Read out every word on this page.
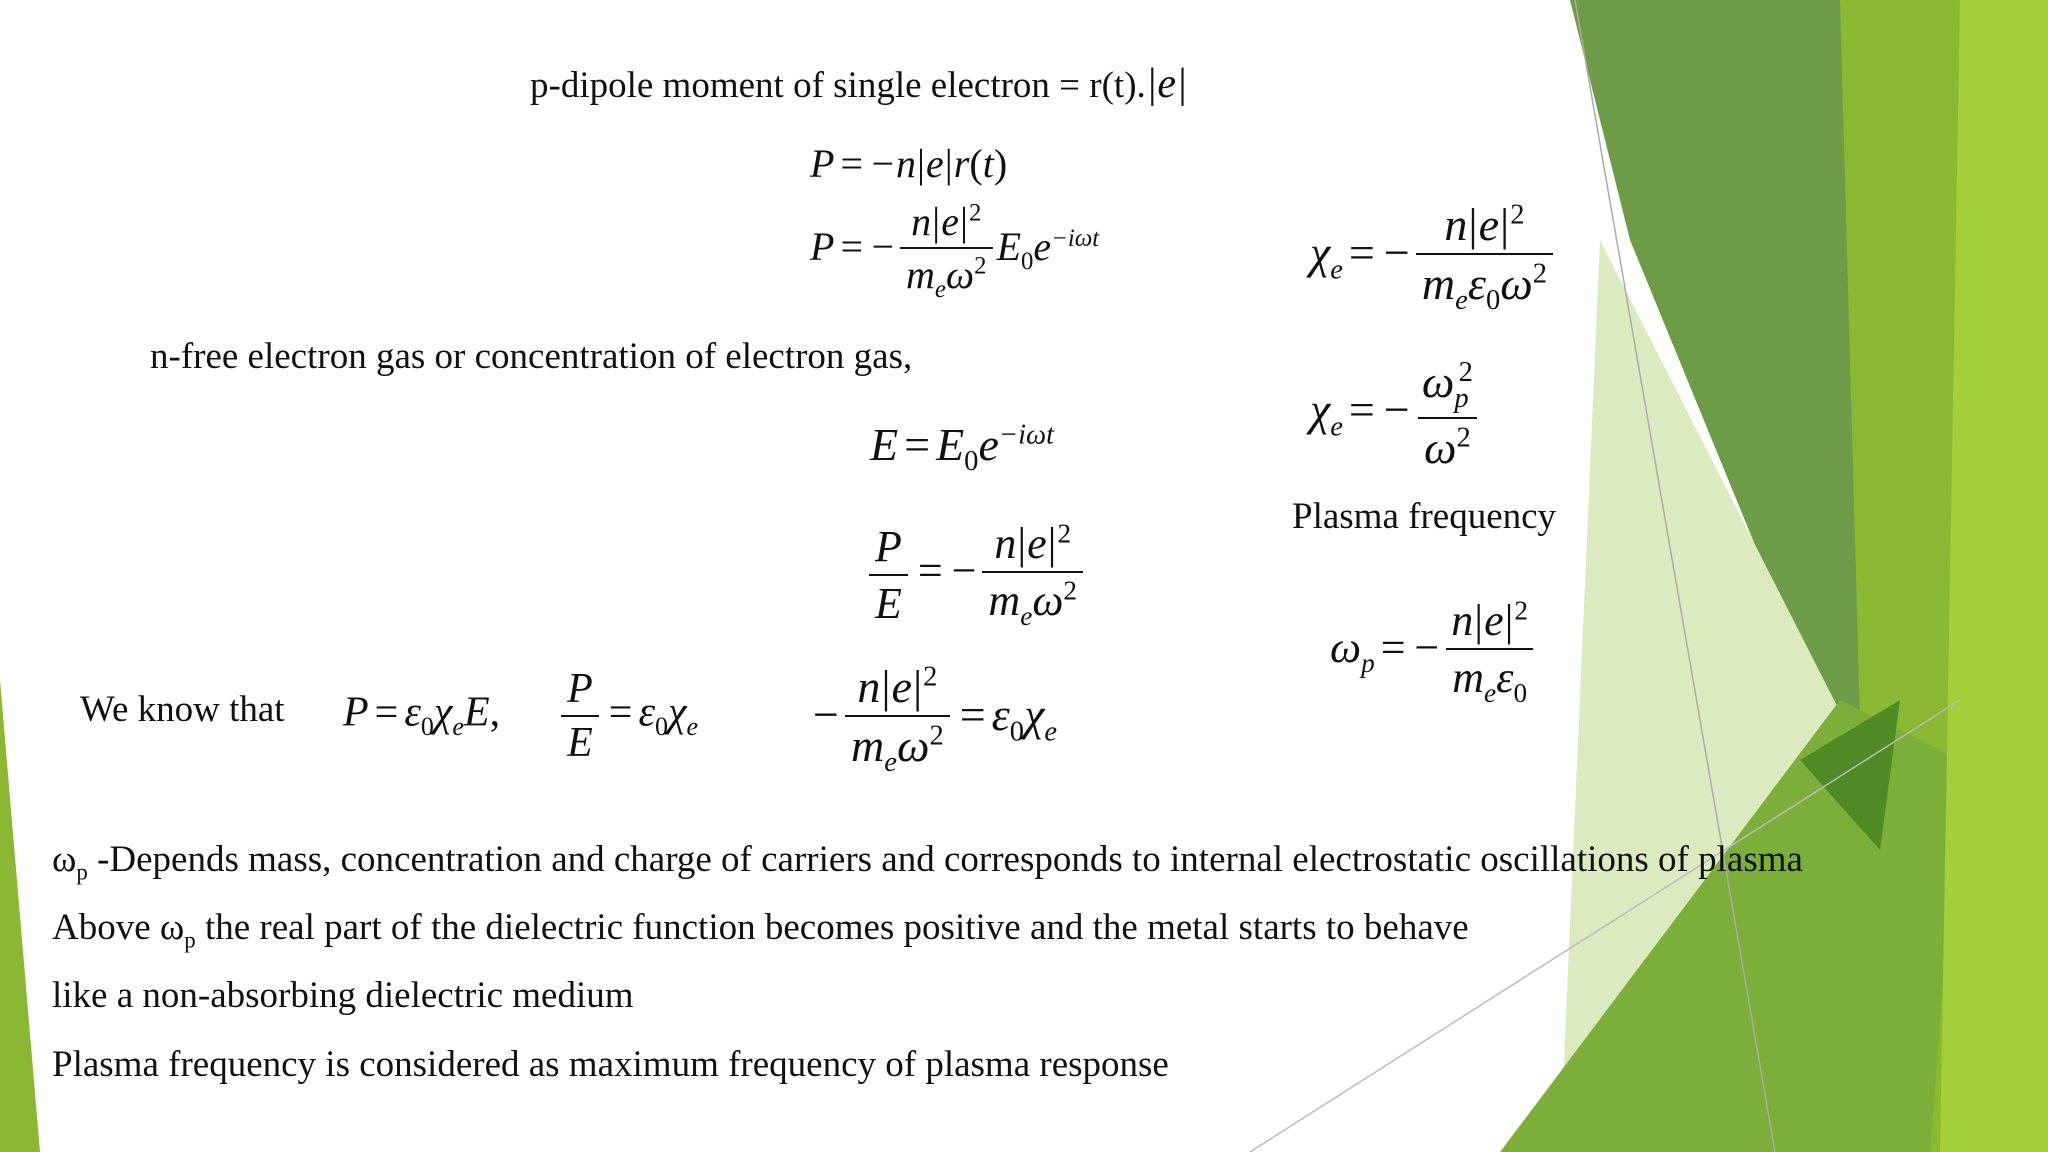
p-dipole moment of single electron = r(t).|e|
P = −n|e|r(t)
P = − $\frac{n|e|^2}{m_e\omega^2} E_0e^{-i\omega t}$	$\chi_e$ = − $\frac{n|e|^2}{m_e\varepsilon_0\omega^2}$
n-free electron gas or concentration of electron gas,
$\chi_e$ = − $\frac{\omega_p^2}{\omega^2}$
$E = E_0e^{-i\omega t}$
Plasma frequency
$\frac{P}{E}$ = − $\frac{n|e|^2}{m_e\omega^2}$
$\omega_p$ = − $\frac{n|e|^2}{m_e\varepsilon_0}$
We know that $P = \varepsilon_0\chi_eE$, $\frac{P}{E} = \varepsilon_0\chi_e - \frac{n|e|^2}{m_e\omega^2} = \varepsilon_0\chi_e$
$\omega_p$ -Depends mass, concentration and charge of carriers and corresponds to internal electrostatic oscillations of plasma
Above $\omega_p$ the real part of the dielectric function becomes positive and the metal starts to behave
like a non-absorbing dielectric medium
Plasma frequency is considered as maximum frequency of plasma response
